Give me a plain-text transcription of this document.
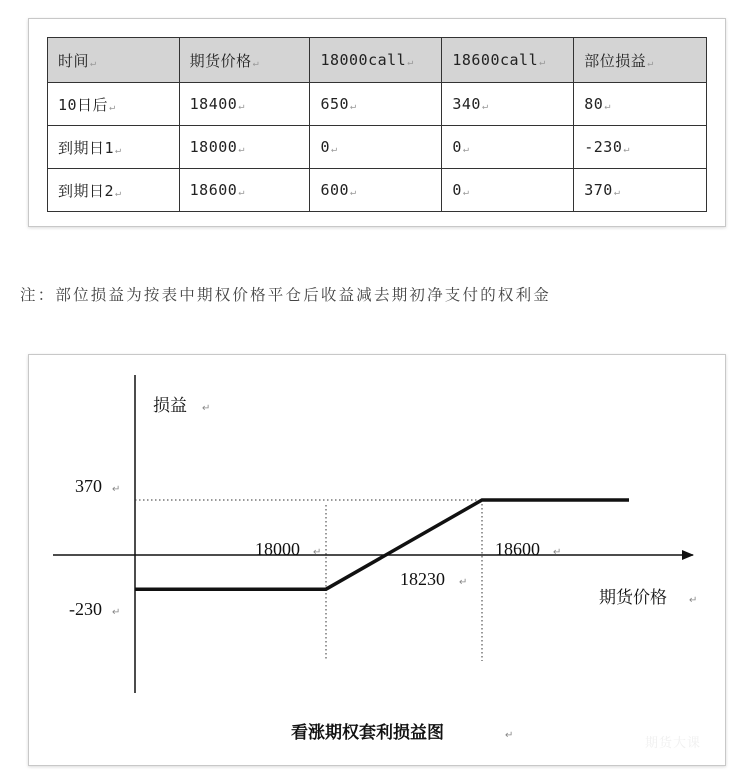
时间↵	期货价格↵	18000call↵	18600call↵	部位损益↵
10日后↵	18400↵	650↵	340↵	80↵
到期日1↵	18000↵	0↵	0↵	-230↵
到期日2↵	18600↵	600↵	0↵	370↵
注：部位损益为按表中期权价格平仓后收益减去期初净支付的权利金
损益
期货价格
370
-230
18000
18230
18600
看涨期权套利损益图
↵
↵
↵
↵
↵
↵
↵
↵
期货大课
